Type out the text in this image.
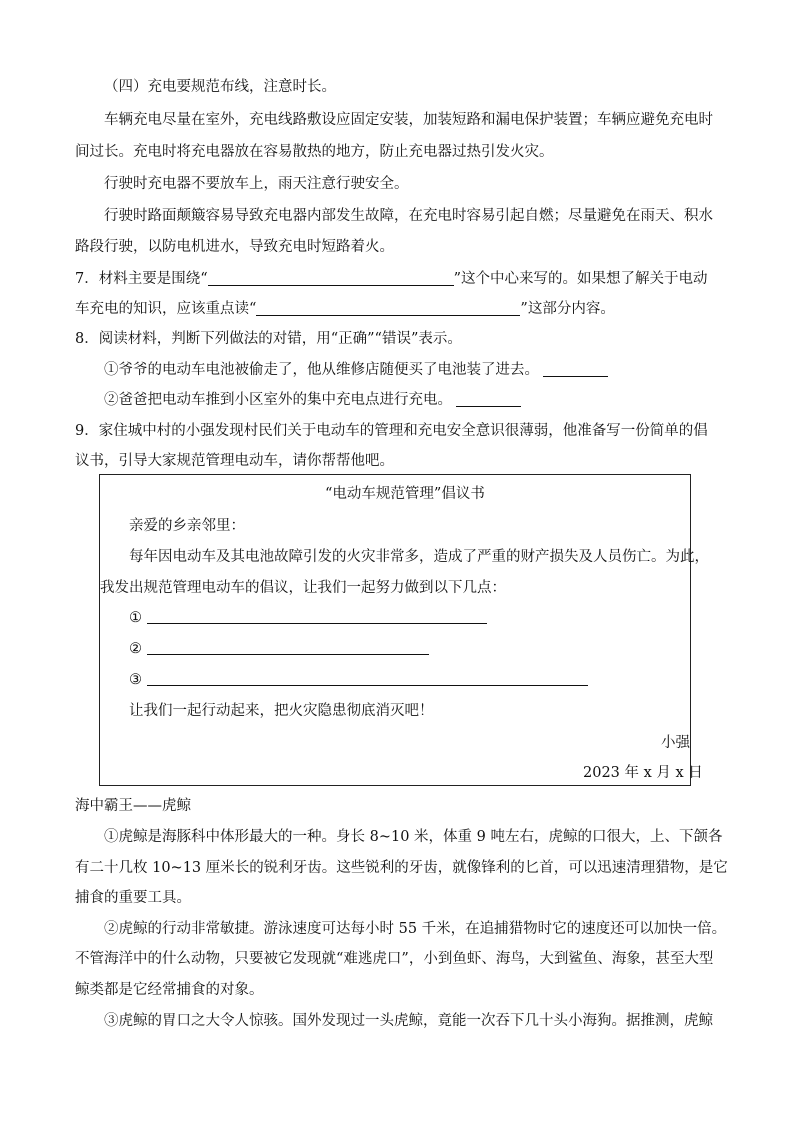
（四）充电要规范布线，注意时长。
车辆充电尽量在室外，充电线路敷设应固定安装，加装短路和漏电保护装置；车辆应避免充电时
间过长。充电时将充电器放在容易散热的地方，防止充电器过热引发火灾。
行驶时充电器不要放车上，雨天注意行驶安全。
行驶时路面颠簸容易导致充电器内部发生故障，在充电时容易引起自燃；尽量避免在雨天、积水
路段行驶，以防电机进水，导致充电时短路着火。
7．材料主要是围绕“	”这个中心来写的。如果想了解关于电动
车充电的知识，应该重点读“	”这部分内容。
8．阅读材料，判断下列做法的对错，用“正确”“错误”表示。
①爷爷的电动车电池被偷走了，他从维修店随便买了电池装了进去。
②爸爸把电动车推到小区室外的集中充电点进行充电。
9．家住城中村的小强发现村民们关于电动车的管理和充电安全意识很薄弱，他准备写一份简单的倡
议书，引导大家规范管理电动车，请你帮帮他吧。
“电动车规范管理”倡议书
亲爱的乡亲邻里：
每年因电动车及其电池故障引发的火灾非常多，造成了严重的财产损失及人员伤亡。为此，
我发出规范管理电动车的倡议，让我们一起努力做到以下几点：
①
②
③
让我们一起行动起来，把火灾隐患彻底消灭吧！
小强
2023 年 x 月 x 日
海中霸王——虎鲸
①虎鲸是海豚科中体形最大的一种。身长 8~10 米，体重 9 吨左右，虎鲸的口很大，上、下颌各
有二十几枚 10~13 厘米长的锐利牙齿。这些锐利的牙齿，就像锋利的匕首，可以迅速清理猎物，是它
捕食的重要工具。
②虎鲸的行动非常敏捷。游泳速度可达每小时 55 千米，在追捕猎物时它的速度还可以加快一倍。
不管海洋中的什么动物，只要被它发现就“难逃虎口”，小到鱼虾、海鸟，大到鲨鱼、海象，甚至大型
鲸类都是它经常捕食的对象。
③虎鲸的胃口之大令人惊骇。国外发现过一头虎鲸，竟能一次吞下几十头小海狗。据推测，虎鲸
